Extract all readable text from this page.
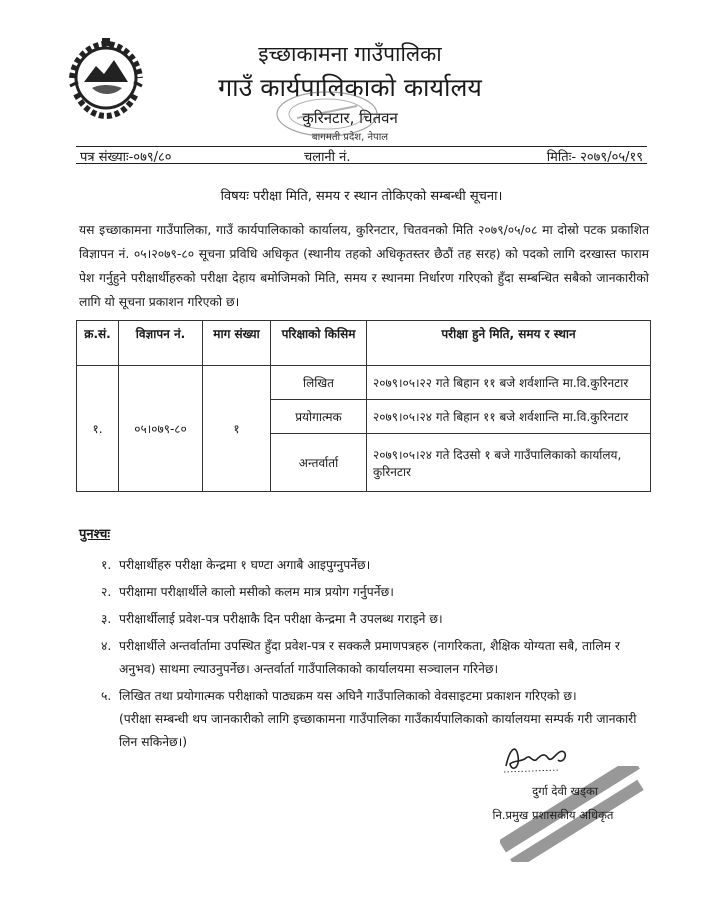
इच्छाकामना गाउँपालिका
गाउँ कार्यपालिकाको कार्यालय
कुरिनटार, चितवन
बागमती प्रदेश, नेपाल
पत्र संख्याः-०७९/८०	चलानी नं.	मितिः- २०७९/०५/१९
विषयः परीक्षा मिति, समय र स्थान तोकिएको सम्बन्धी सूचना।
यस इच्छाकामना गाउँपालिका, गाउँ कार्यपालिकाको कार्यालय, कुरिनटार, चितवनको मिति २०७९/०५/०८ मा दोस्रो पटक प्रकाशित विज्ञापन नं. ०५।२०७९-८० सूचना प्रविधि अधिकृत (स्थानीय तहको अधिकृतस्तर छैठौं तह सरह) को पदको लागि दरखास्त फाराम पेश गर्नुहुने परीक्षार्थीहरुको परीक्षा देहाय बमोजिमको मिति, समय र स्थानमा निर्धारण गरिएको हुँदा सम्बन्धित सबैको जानकारीको लागि यो सूचना प्रकाशन गरिएको छ।
क्र.सं.	विज्ञापन नं.	माग संख्या	परिक्षाको किसिम	परीक्षा हुने मिति, समय र स्थान
१.	०५।०७९-८०	१	लिखित	२०७९।०५।२२ गते बिहान ११ बजे शर्वशान्ति मा.वि.कुरिनटार
			प्रयोगात्मक	२०७९।०५।२४ गते बिहान ११ बजे शर्वशान्ति मा.वि.कुरिनटार
			अन्तर्वार्ता	२०७९।०५।२४ गते दिउसो १ बजे गाउँपालिकाको कार्यालय, कुरिनटार
पुनश्चः
१. परीक्षार्थीहरु परीक्षा केन्द्रमा १ घण्टा अगाबै आइपुग्नुपर्नेछ।
२. परीक्षामा परीक्षार्थीले कालो मसीको कलम मात्र प्रयोग गर्नुपर्नेछ।
३. परीक्षार्थीलाई प्रवेश-पत्र परीक्षाकै दिन परीक्षा केन्द्रमा नै उपलब्ध गराइने छ।
४. परीक्षार्थीले अन्तर्वार्तामा उपस्थित हुँदा प्रवेश-पत्र र सक्कलै प्रमाणपत्रहरु (नागरिकता, शैक्षिक योग्यता सबै, तालिम र अनुभव) साथमा ल्याउनुपर्नेछ। अन्तर्वार्ता गाउँपालिकाको कार्यालयमा सञ्चालन गरिनेछ।
५. लिखित तथा प्रयोगात्मक परीक्षाको पाठ्यक्रम यस अघिनै गाउँपालिकाको वेवसाइटमा प्रकाशन गरिएको छ।
(परीक्षा सम्बन्धी थप जानकारीको लागि इच्छाकामना गाउँपालिका गाउँकार्यपालिकाको कार्यालयमा सम्पर्क गरी जानकारी लिन सकिनेछ।)
दुर्गा देवी खड्का
नि.प्रमुख प्रशासकीय अधिकृत
